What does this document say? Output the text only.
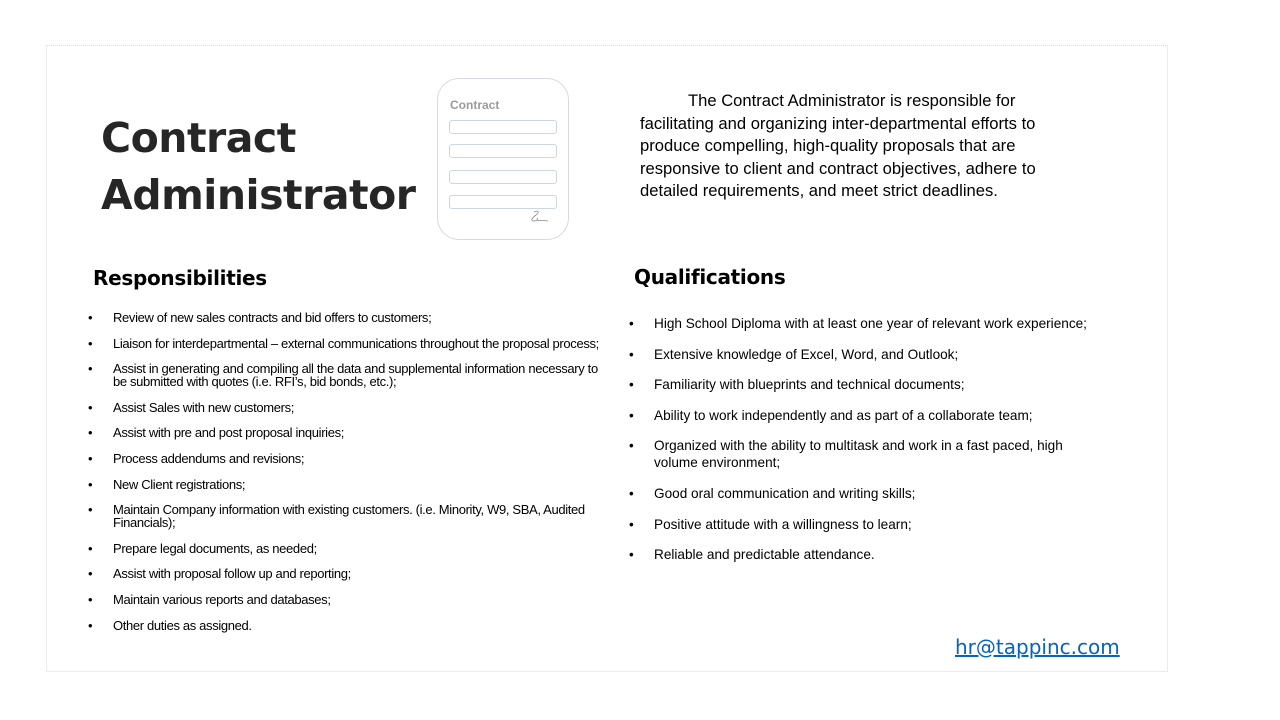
Contract
Administrator
Contract	The Contract Administrator is responsible for facilitating and organizing inter-departmental efforts to produce compelling, high-quality proposals that are responsive to client and contract objectives, adhere to detailed requirements, and meet strict deadlines.

Responsibilities
• Review of new sales contracts and bid offers to customers;
• Liaison for interdepartmental – external communications throughout the proposal process;
• Assist in generating and compiling all the data and supplemental information necessary to be submitted with quotes (i.e. RFI’s, bid bonds, etc.);
• Assist Sales with new customers;
• Assist with pre and post proposal inquiries;
• Process addendums and revisions;
• New Client registrations;
• Maintain Company information with existing customers. (i.e. Minority, W9, SBA, Audited Financials);
• Prepare legal documents, as needed;
• Assist with proposal follow up and reporting;
• Maintain various reports and databases;
• Other duties as assigned.
Qualifications
• High School Diploma with at least one year of relevant work experience;
• Extensive knowledge of Excel, Word, and Outlook;
• Familiarity with blueprints and technical documents;
• Ability to work independently and as part of a collaborate team;
• Organized with the ability to multitask and work in a fast paced, high volume environment;
• Good oral communication and writing skills;
• Positive attitude with a willingness to learn;
• Reliable and predictable attendance.
hr@tappinc.com
